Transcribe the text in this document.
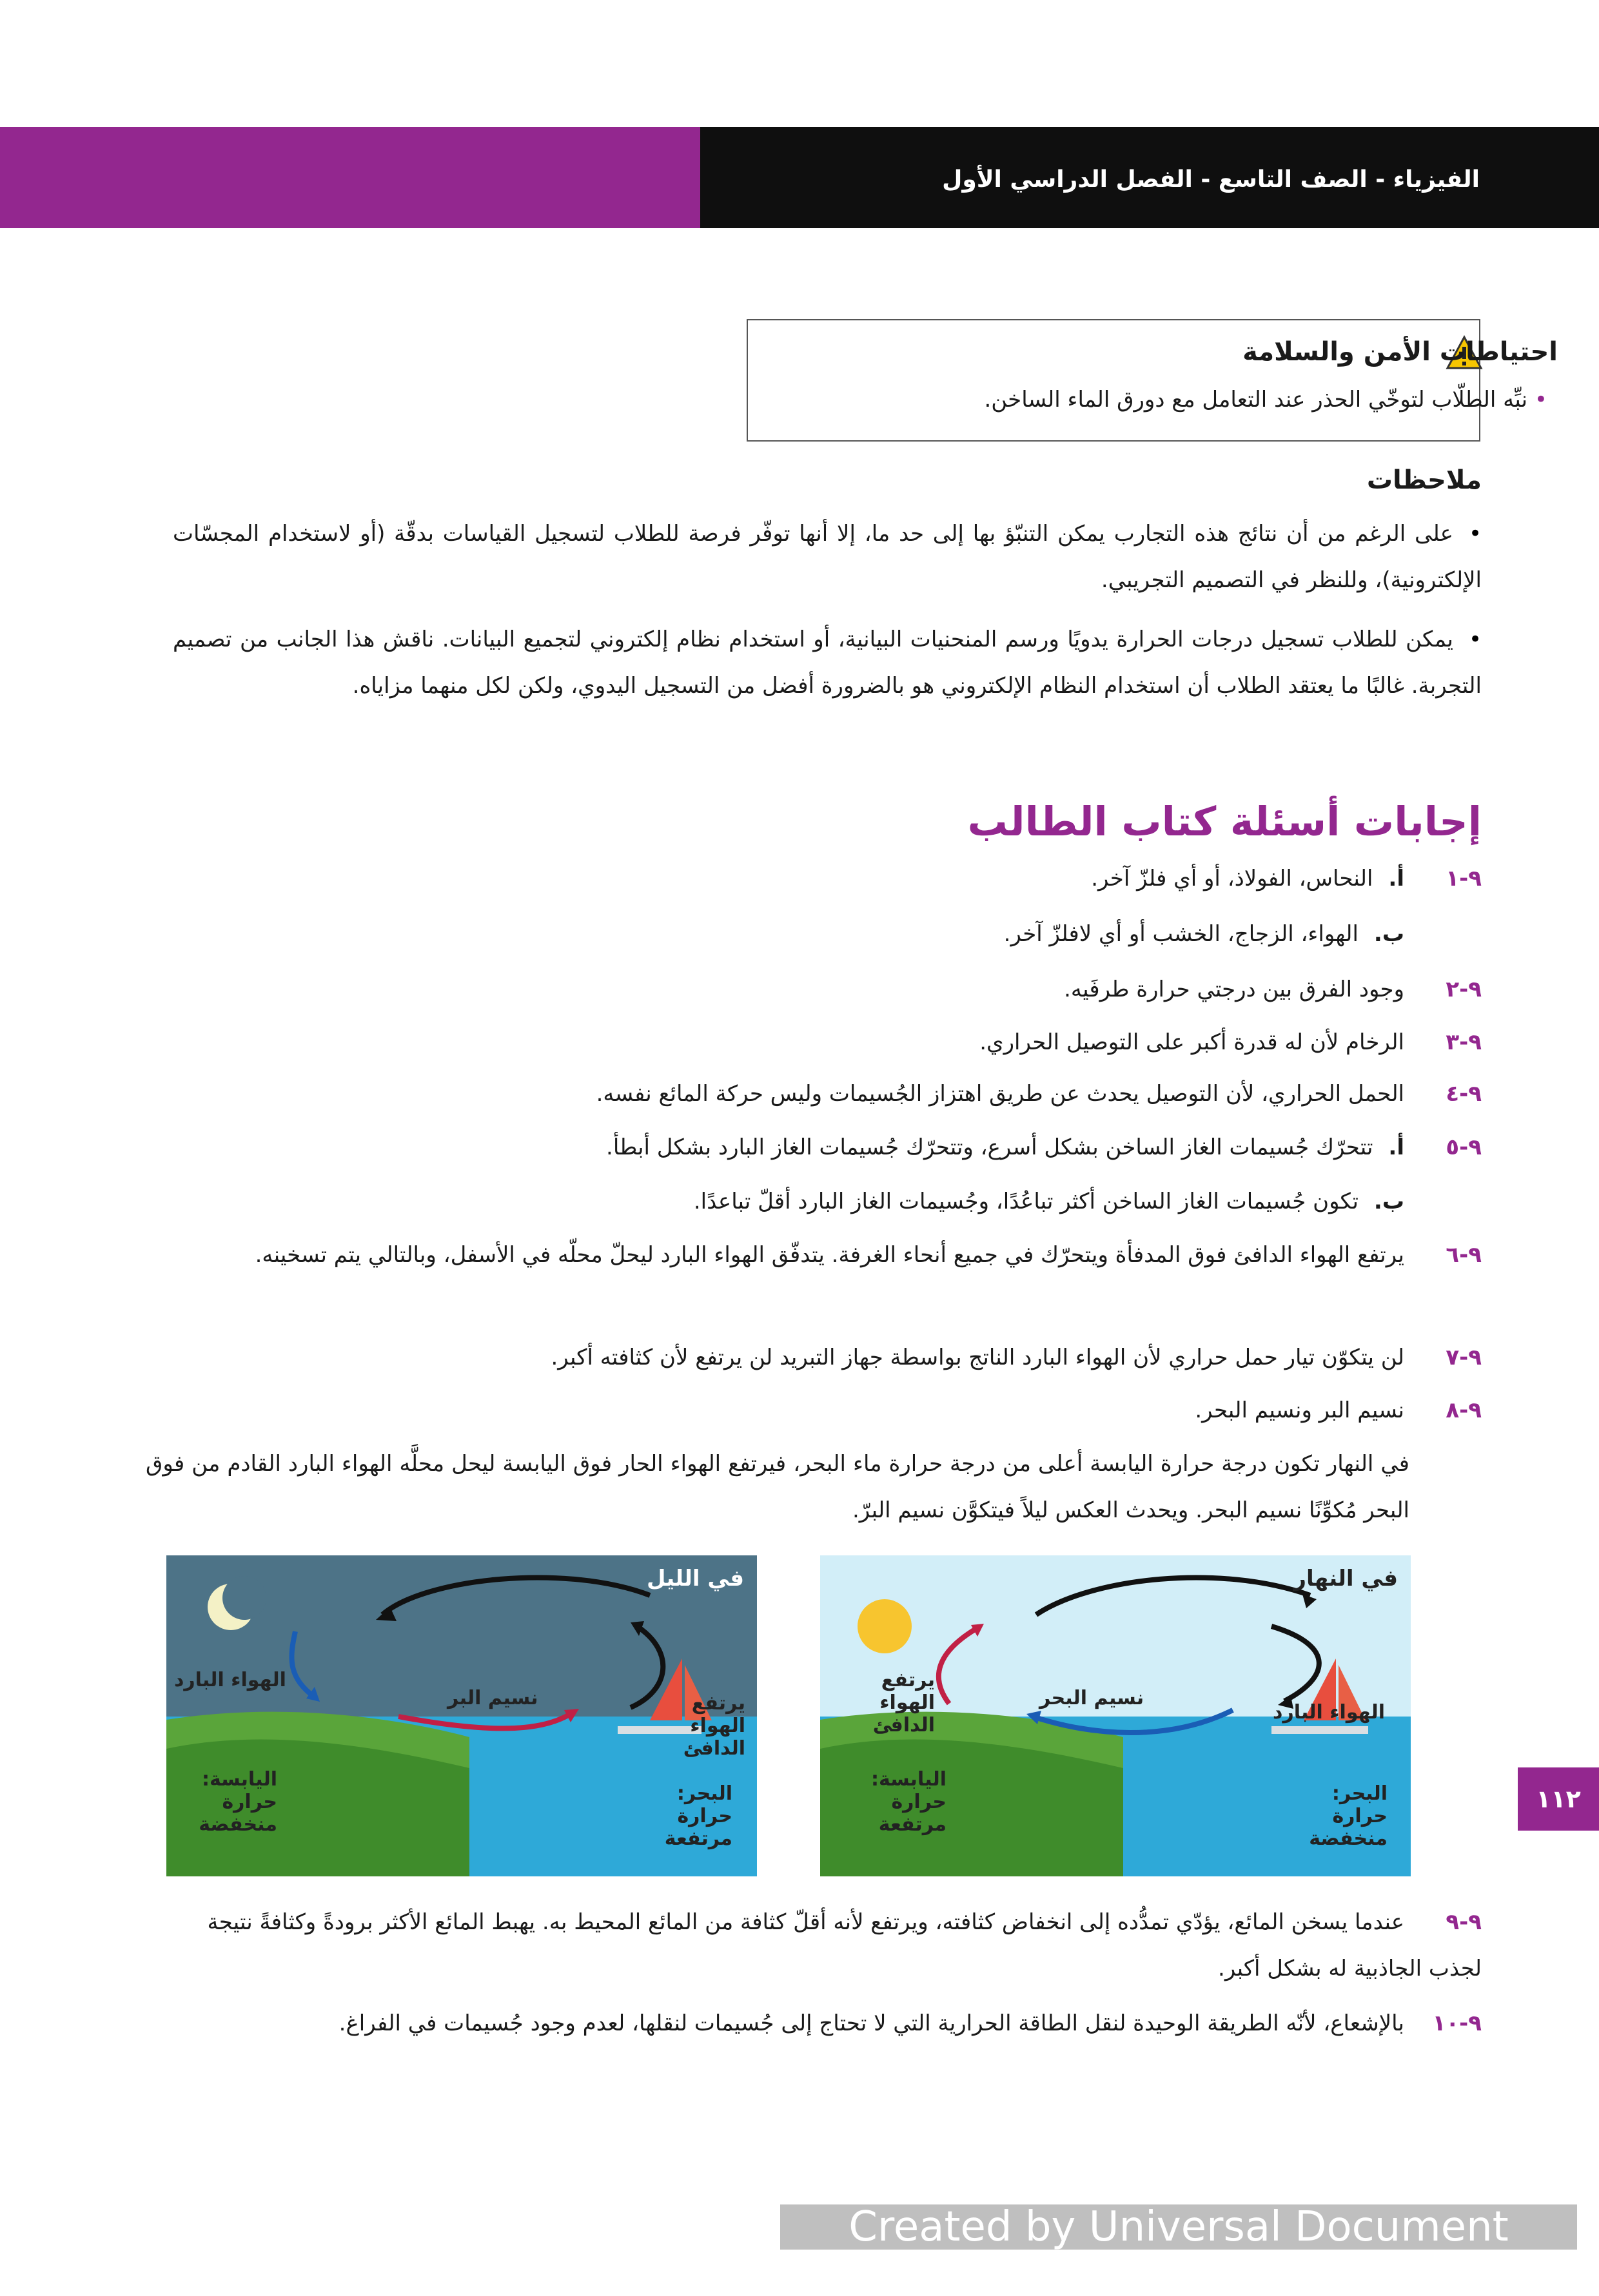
الفيزياء - الصف التاسع - الفصل الدراسي الأول
احتياطات الأمن والسلامة
• نبِّه الطلّاب لتوخّي الحذر عند التعامل مع دورق الماء الساخن.
ملاحظات
•على الرغم من أن نتائج هذه التجارب يمكن التنبّؤ بها إلى حد ما، إلا أنها توفّر فرصة للطلاب لتسجيل القياسات بدقّة (أو لاستخدام المجسّات الإلكترونية)، وللنظر في التصميم التجريبي.
•يمكن للطلاب تسجيل درجات الحرارة يدويًا ورسم المنحنيات البيانية، أو استخدام نظام إلكتروني لتجميع البيانات. ناقش هذا الجانب من تصميم التجربة. غالبًا ما يعتقد الطلاب أن استخدام النظام الإلكتروني هو بالضرورة أفضل من التسجيل اليدوي، ولكن لكل منهما مزاياه.
إجابات أسئلة كتاب الطالب
٩-١أ.النحاس، الفولاذ، أو أي فلزّ آخر.
ب.الهواء، الزجاج، الخشب أو أي لافلزّ آخر.
٩-٢وجود الفرق بين درجتي حرارة طرفَيه.
٩-٣الرخام لأن له قدرة أكبر على التوصيل الحراري.
٩-٤الحمل الحراري، لأن التوصيل يحدث عن طريق اهتزاز الجُسيمات وليس حركة المائع نفسه.
٩-٥أ.تتحرّك جُسيمات الغاز الساخن بشكل أسرع، وتتحرّك جُسيمات الغاز البارد بشكل أبطأ.
ب.تكون جُسيمات الغاز الساخن أكثر تباعُدًا، وجُسيمات الغاز البارد أقلّ تباعدًا.
٩-٦يرتفع الهواء الدافئ فوق المدفأة ويتحرّك في جميع أنحاء الغرفة. يتدفّق الهواء البارد ليحلّ محلّه في الأسفل، وبالتالي يتم تسخينه.
٩-٧لن يتكوّن تيار حمل حراري لأن الهواء البارد الناتج بواسطة جهاز التبريد لن يرتفع لأن كثافته أكبر.
٩-٨نسيم البر ونسيم البحر.
في النهار تكون درجة حرارة اليابسة أعلى من درجة حرارة ماء البحر، فيرتفع الهواء الحار فوق اليابسة ليحل محلَّه الهواء البارد القادم من فوق البحر مُكوِّنًا نسيم البحر. ويحدث العكس ليلاً فيتكوَّن نسيم البرّ.
في الليل
الهواء البارد
نسيم البر	يرتفع الهواء الدافئ
اليابسة: حرارة منخفضة
البحر: حرارة مرتفعة
في النهار
يرتفع الهواء الدافئ
نسيم البحر
الهواء البارد
اليابسة: حرارة مرتفعة
البحر: حرارة منخفضة
٩-٩عندما يسخن المائع، يؤدّي تمدُّده إلى انخفاض كثافته، ويرتفع لأنه أقلّ كثافة من المائع المحيط به. يهبط المائع الأكثر برودةً وكثافةً نتيجة لجذب الجاذبية له بشكل أكبر.
٩-١٠بالإشعاع، لأنّه الطريقة الوحيدة لنقل الطاقة الحرارية التي لا تحتاج إلى جُسيمات لنقلها، لعدم وجود جُسيمات في الفراغ.
١١٢
Created by Universal Document Converter
